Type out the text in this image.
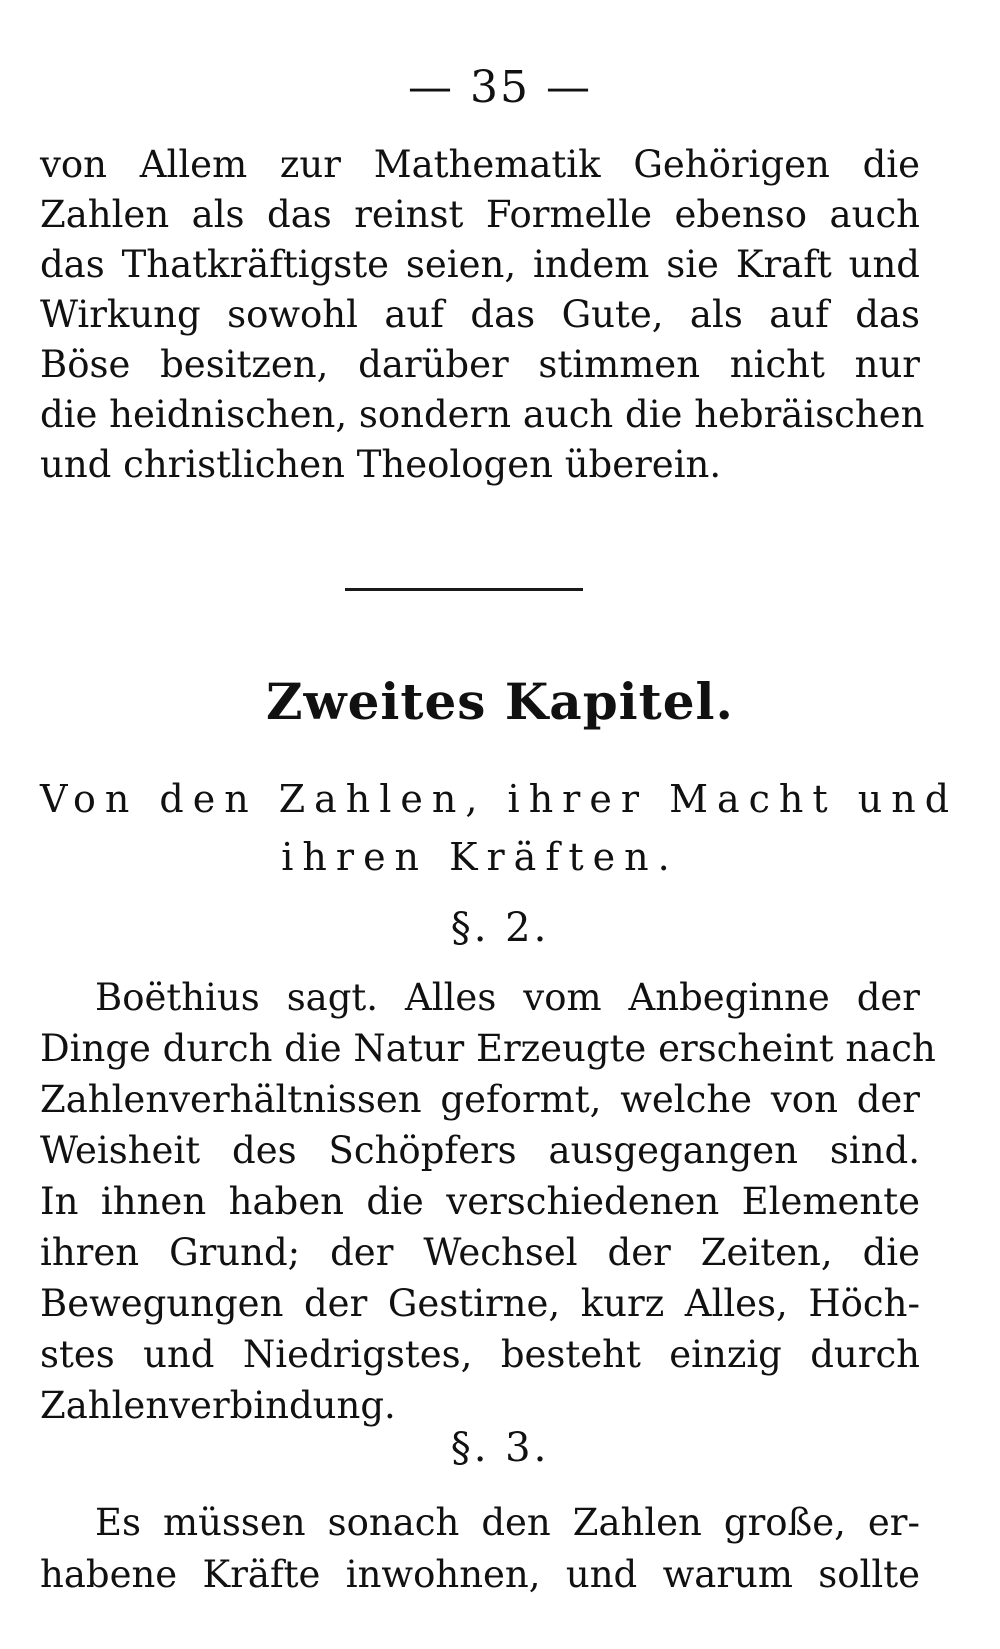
— 35 —
von Allem zur Mathematik Gehörigen die
Zahlen als das reinst Formelle ebenso auch
das Thatkräftigste seien, indem sie Kraft und
Wirkung sowohl auf das Gute, als auf das
Böse besitzen, darüber stimmen nicht nur
die heidnischen, sondern auch die hebräischen
und christlichen Theologen überein.
Zweites Kapitel.
Von den Zahlen, ihrer Macht und
ihren Kräften.
§. 2.
Boëthius sagt. Alles vom Anbeginne der
Dinge durch die Natur Erzeugte erscheint nach
Zahlenverhältnissen geformt, welche von der
Weisheit des Schöpfers ausgegangen sind.
In ihnen haben die verschiedenen Elemente
ihren Grund; der Wechsel der Zeiten, die
Bewegungen der Gestirne, kurz Alles, Höch-
stes und Niedrigstes, besteht einzig durch
Zahlenverbindung.
§. 3.
Es müssen sonach den Zahlen große, er-
habene Kräfte inwohnen, und warum sollte
